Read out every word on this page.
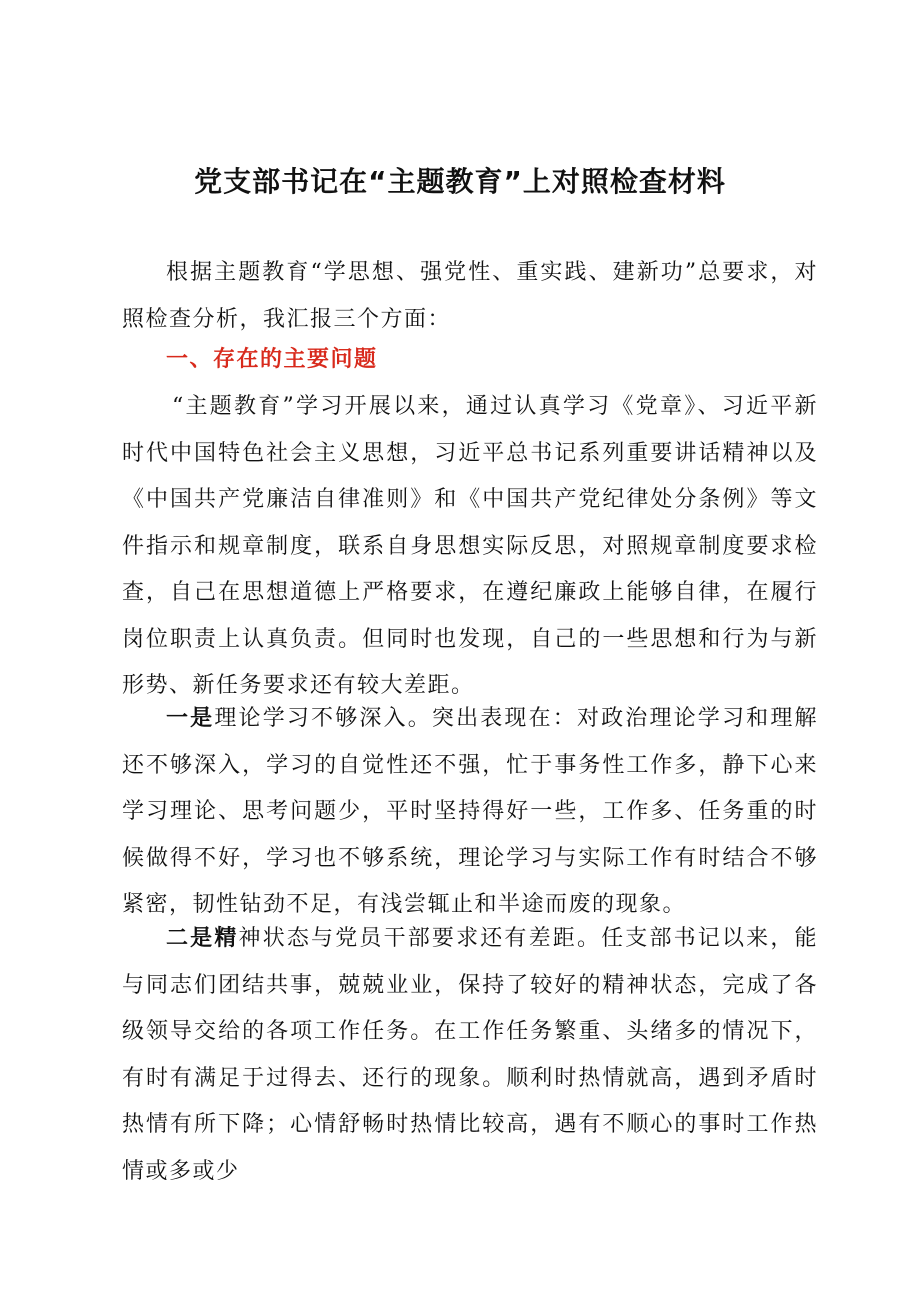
党支部书记在“主题教育”上对照检查材料

根据主题教育“学思想、强党性、重实践、建新功”总要求，对照检查分析，我汇报三个方面：

一、存在的主要问题

“主题教育”学习开展以来，通过认真学习《党章》、习近平新时代中国特色社会主义思想，习近平总书记系列重要讲话精神以及《中国共产党廉洁自律准则》和《中国共产党纪律处分条例》等文件指示和规章制度，联系自身思想实际反思，对照规章制度要求检查，自己在思想道德上严格要求，在遵纪廉政上能够自律，在履行岗位职责上认真负责。但同时也发现，自己的一些思想和行为与新形势、新任务要求还有较大差距。

一是理论学习不够深入。突出表现在：对政治理论学习和理解还不够深入，学习的自觉性还不强，忙于事务性工作多，静下心来学习理论、思考问题少，平时坚持得好一些，工作多、任务重的时候做得不好，学习也不够系统，理论学习与实际工作有时结合不够紧密，韧性钻劲不足，有浅尝辄止和半途而废的现象。

二是精神状态与党员干部要求还有差距。任支部书记以来，能与同志们团结共事，兢兢业业，保持了较好的精神状态，完成了各级领导交给的各项工作任务。在工作任务繁重、头绪多的情况下，有时有满足于过得去、还行的现象。顺利时热情就高，遇到矛盾时热情有所下降；心情舒畅时热情比较高，遇有不顺心的事时工作热情或多或少
